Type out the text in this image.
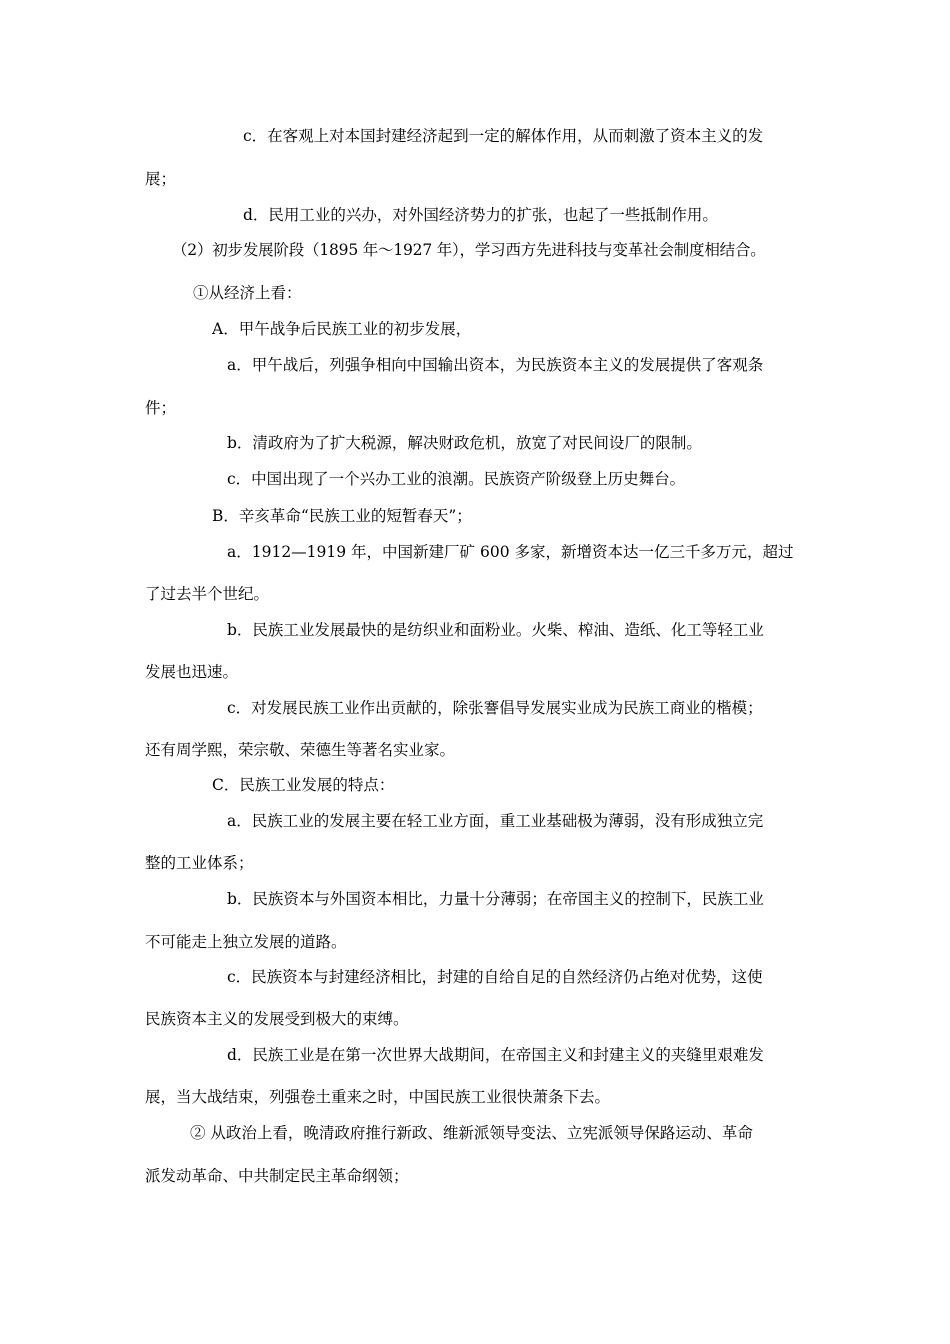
c．在客观上对本国封建经济起到一定的解体作用，从而刺激了资本主义的发
展；
d．民用工业的兴办，对外国经济势力的扩张，也起了一些抵制作用。
（2）初步发展阶段（1895 年～1927 年），学习西方先进科技与变革社会制度相结合。
①从经济上看：
A．甲午战争后民族工业的初步发展，
a．甲午战后，列强争相向中国输出资本，为民族资本主义的发展提供了客观条
件；
b．清政府为了扩大税源，解决财政危机，放宽了对民间设厂的限制。
c．中国出现了一个兴办工业的浪潮。民族资产阶级登上历史舞台。
B．辛亥革命“民族工业的短暂春天”；
a．1912—1919 年，中国新建厂矿 600 多家，新增资本达一亿三千多万元，超过
了过去半个世纪。
b．民族工业发展最快的是纺织业和面粉业。火柴、榨油、造纸、化工等轻工业
发展也迅速。
c．对发展民族工业作出贡献的，除张謇倡导发展实业成为民族工商业的楷模；
还有周学熙，荣宗敬、荣德生等著名实业家。
C．民族工业发展的特点：
a．民族工业的发展主要在轻工业方面，重工业基础极为薄弱，没有形成独立完
整的工业体系；
b．民族资本与外国资本相比，力量十分薄弱；在帝国主义的控制下，民族工业
不可能走上独立发展的道路。
c．民族资本与封建经济相比，封建的自给自足的自然经济仍占绝对优势，这使
民族资本主义的发展受到极大的束缚。
d．民族工业是在第一次世界大战期间，在帝国主义和封建主义的夹缝里艰难发
展，当大战结束，列强卷土重来之时，中国民族工业很快萧条下去。
② 从政治上看，晚清政府推行新政、维新派领导变法、立宪派领导保路运动、革命
派发动革命、中共制定民主革命纲领；
